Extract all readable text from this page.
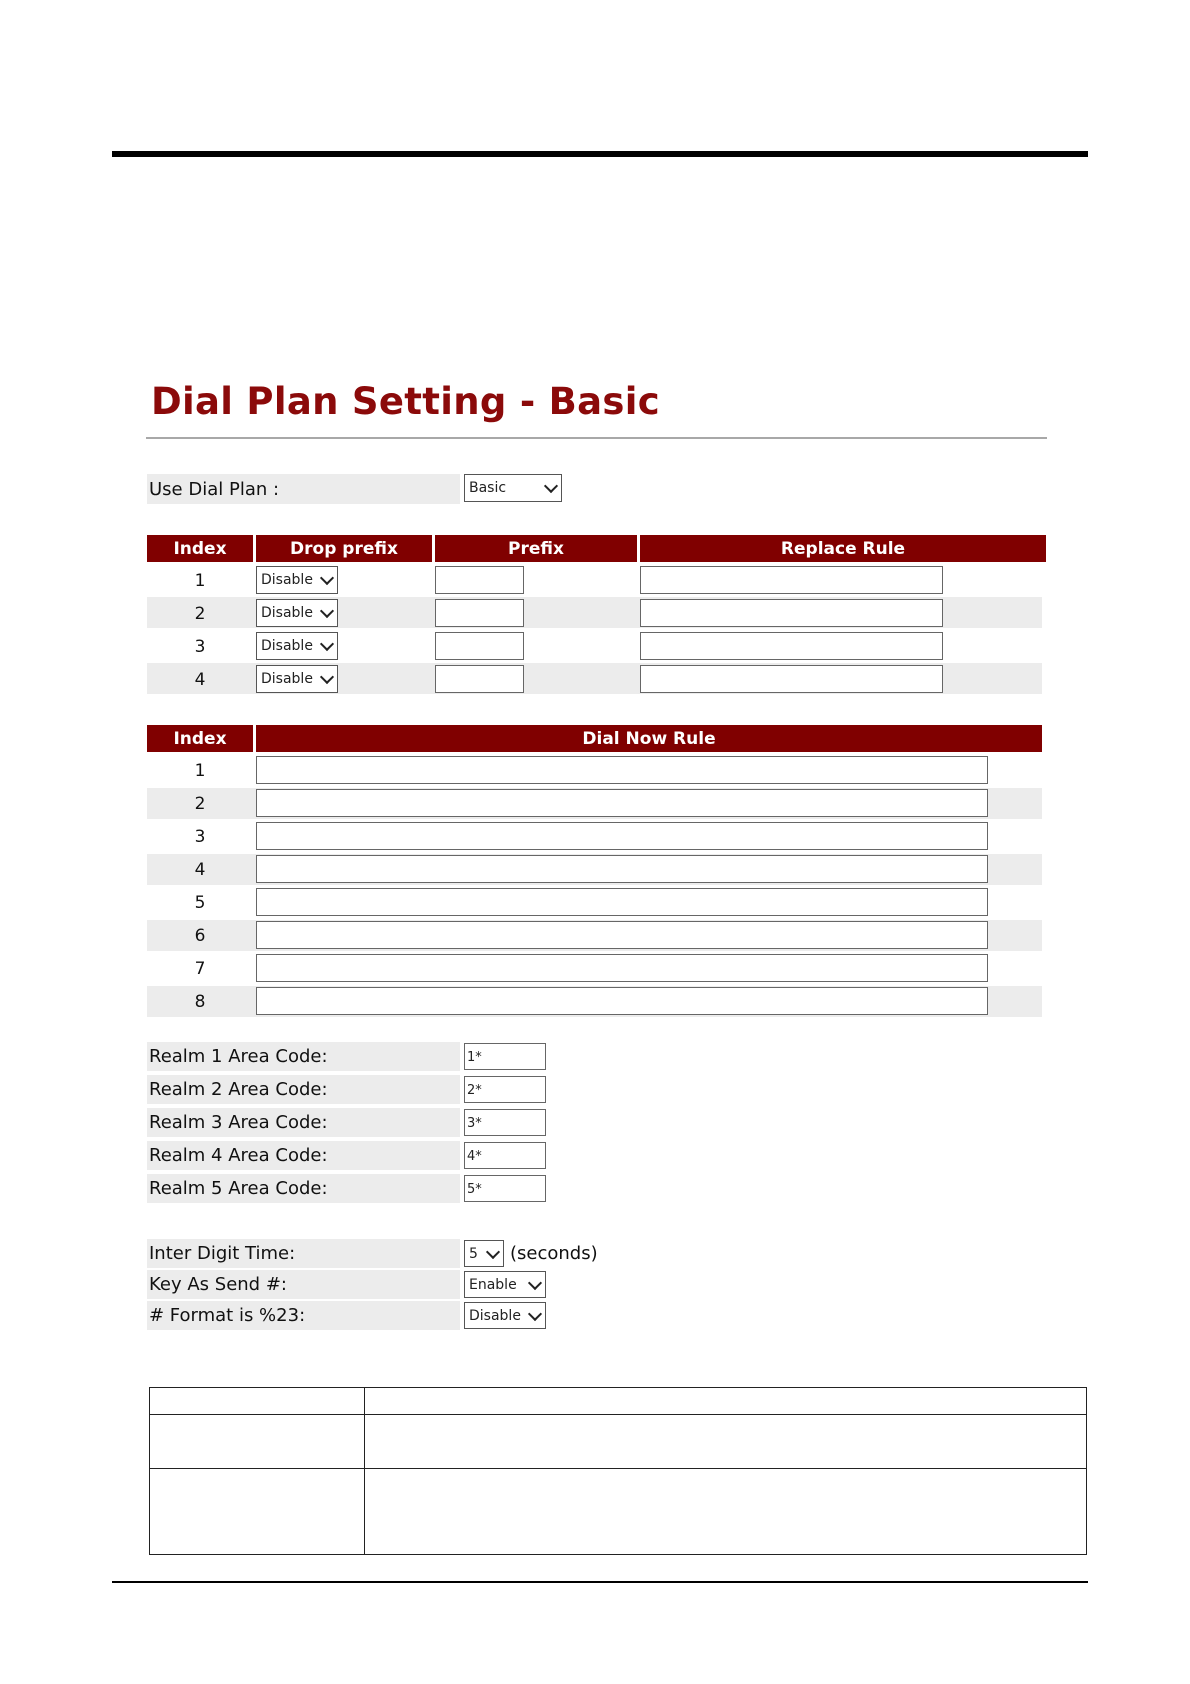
Dial Plan Setting - Basic
Use Dial Plan :	Basic
Index	Drop prefix	Prefix	Replace Rule
1	Disable
2	Disable
3	Disable
4	Disable
Index	Dial Now Rule
1
2
3
4
5
6
7
8
Realm 1 Area Code:
1*
Realm 2 Area Code:
2*
Realm 3 Area Code:
3*
Realm 4 Area Code:
4*
Realm 5 Area Code:
5*
Inter Digit Time:	5 (seconds)
Key As Send #:	Enable
# Format is %23:	Disable
